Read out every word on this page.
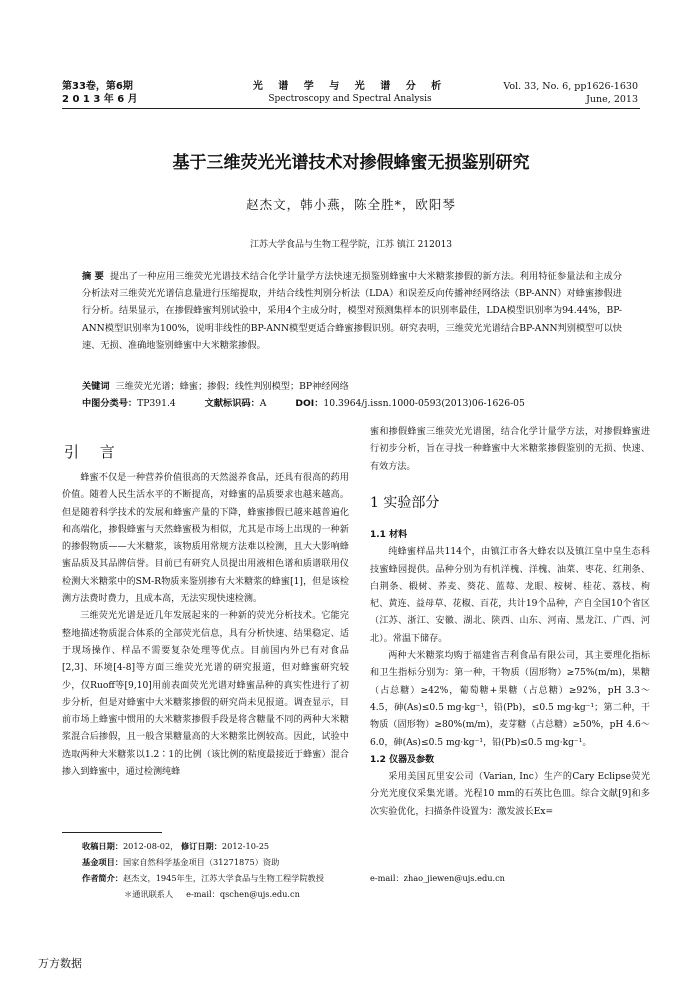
第33卷，第6期
2 0 1 3 年 6 月
光 谱 学 与 光 谱 分 析
Spectroscopy and Spectral Analysis
Vol. 33, No. 6, pp1626-1630
June, 2013
基于三维荧光光谱技术对掺假蜂蜜无损鉴别研究
赵杰文，韩小燕，陈全胜*，欧阳琴
江苏大学食品与生物工程学院，江苏 镇江 212013
摘 要 提出了一种应用三维荧光光谱技术结合化学计量学方法快速无损鉴别蜂蜜中大米糖浆掺假的新方法。利用特征参量法和主成分分析法对三维荧光光谱信息量进行压缩提取，并结合线性判别分析法（LDA）和误差反向传播神经网络法（BP-ANN）对蜂蜜掺假进行分析。结果显示，在掺假蜂蜜判别试验中，采用4个主成分时，模型对预测集样本的识别率最佳，LDA模型识别率为94.44%，BP-ANN模型识别率为100%，说明非线性的BP-ANN模型更适合蜂蜜掺假识别。研究表明，三维荧光光谱结合BP-ANN判别模型可以快速、无损、准确地鉴别蜂蜜中大米糖浆掺假。
关键词 三维荧光光谱；蜂蜜；掺假；线性判别模型；BP神经网络
中图分类号：TP391.4	文献标识码：A	DOI：10.3964/j.issn.1000-0593(2013)06-1626-05
引 言

蜂蜜不仅是一种营养价值很高的天然滋养食品，还具有很高的药用价值。随着人民生活水平的不断提高，对蜂蜜的品质要求也越来越高。但是随着科学技术的发展和蜂蜜产量的下降，蜂蜜掺假已越来越普遍化和高端化，掺假蜂蜜与天然蜂蜜极为相似，尤其是市场上出现的一种新的掺假物质——大米糖浆，该物质用常规方法难以检测，且大大影响蜂蜜品质及其品牌信誉。目前已有研究人员提出用液相色谱和质谱联用仪检测大米糖浆中的SM-R物质来鉴别掺有大米糖浆的蜂蜜[1]，但是该检测方法费时费力，且成本高，无法实现快速检测。

三维荧光光谱是近几年发展起来的一种新的荧光分析技术。它能完整地描述物质混合体系的全部荧光信息，具有分析快速、结果稳定、适于现场操作、样品不需要复杂处理等优点。目前国内外已有对食品[2,3]、环境[4-8]等方面三维荧光光谱的研究报道，但对蜂蜜研究较少，仅Ruoff等[9,10]用前表面荧光光谱对蜂蜜品种的真实性进行了初步分析，但是对蜂蜜中大米糖浆掺假的研究尚未见报道。调查显示，目前市场上蜂蜜中惯用的大米糖浆掺假手段是将含糖量不同的两种大米糖浆混合后掺假，且一般含果糖量高的大米糖浆比例较高。因此，试验中选取两种大米糖浆以1.2∶1的比例（该比例的粘度最接近于蜂蜜）混合掺入到蜂蜜中，通过检测纯蜂

蜜和掺假蜂蜜三维荧光光谱图，结合化学计量学方法，对掺假蜂蜜进行初步分析，旨在寻找一种蜂蜜中大米糖浆掺假鉴别的无损、快速、有效方法。

1 实验部分

1.1 材料

纯蜂蜜样品共114个，由镇江市各大蜂农以及镇江皇中皇生态科技蜜蜂园提供。品种分别为有机洋槐、洋槐、油菜、枣花、红荆条、白荆条、椴树、荞麦、葵花、蓝莓、龙眼、桉树、桂花、荔枝、枸杞、黄连、益母草、花椒、百花，共计19个品种，产自全国10个省区（江苏、浙江、安徽、湖北、陕西、山东、河南、黑龙江、广西、河北）。常温下储存。

两种大米糖浆均购于福建省吉利食品有限公司，其主要理化指标和卫生指标分别为：第一种，干物质（固形物）≥75%(m/m)，果糖（占总糖）≥42%，葡萄糖+果糖（占总糖）≥92%，pH 3.3～4.5，砷(As)≤0.5 mg·kg⁻¹，铅(Pb)，≤0.5 mg·kg⁻¹；第二种，干物质（固形物）≥80%(m/m)，麦芽糖（占总糖）≥50%，pH 4.6～6.0，砷(As)≤0.5 mg·kg⁻¹，铅(Pb)≤0.5 mg·kg⁻¹。

1.2 仪器及参数

采用美国瓦里安公司（Varian, Inc）生产的Cary Eclipse荧光分光光度仪采集光谱。光程10 mm的石英比色皿。综合文献[9]和多次实验优化，扫描条件设置为：激发波长Ex=

收稿日期：2012-08-02， 修订日期：2012-10-25
基金项目：国家自然科学基金项目（31271875）资助
作者简介：赵杰文，1945年生，江苏大学食品与生物工程学院教授
＊通讯联系人 e-mail：qschen@ujs.edu.cn
e-mail：zhao_jiewen@ujs.edu.cn
万方数据
